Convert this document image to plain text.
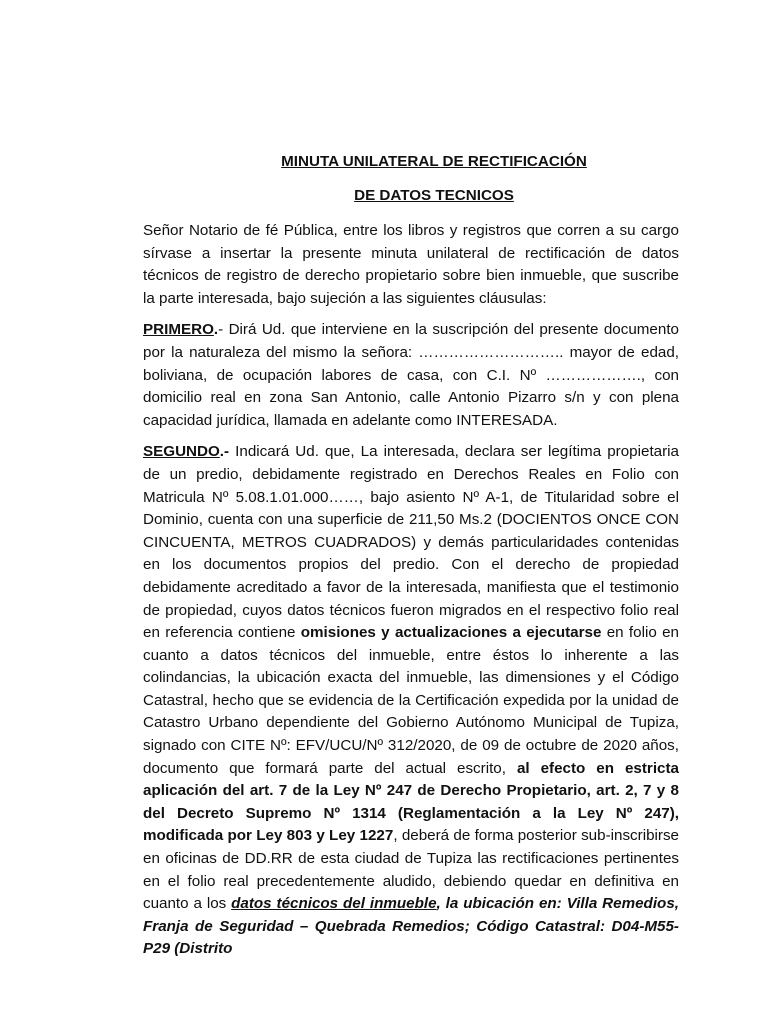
MINUTA UNILATERAL DE RECTIFICACIÓN
DE DATOS TECNICOS

Señor Notario de fé Pública, entre los libros y registros que corren a su cargo sírvase a insertar la presente minuta unilateral de rectificación de datos técnicos de registro de derecho propietario sobre bien inmueble, que suscribe la parte interesada, bajo sujeción a las siguientes cláusulas:

PRIMERO.- Dirá Ud. que interviene en la suscripción del presente documento por la naturaleza del mismo la señora: ……………………….. mayor de edad, boliviana, de ocupación labores de casa, con C.I. Nº ………………., con domicilio real en zona San Antonio, calle Antonio Pizarro s/n y con plena capacidad jurídica, llamada en adelante como INTERESADA.

SEGUNDO.- Indicará Ud. que, La interesada, declara ser legítima propietaria de un predio, debidamente registrado en Derechos Reales en Folio con Matricula Nº 5.08.1.01.000……, bajo asiento Nº A-1, de Titularidad sobre el Dominio, cuenta con una superficie de 211,50 Ms.2 (DOCIENTOS ONCE CON CINCUENTA, METROS CUADRADOS) y demás particularidades contenidas en los documentos propios del predio. Con el derecho de propiedad debidamente acreditado a favor de la interesada, manifiesta que el testimonio de propiedad, cuyos datos técnicos fueron migrados en el respectivo folio real en referencia contiene omisiones y actualizaciones a ejecutarse en folio en cuanto a datos técnicos del inmueble, entre éstos lo inherente a las colindancias, la ubicación exacta del inmueble, las dimensiones y el Código Catastral, hecho que se evidencia de la Certificación expedida por la unidad de Catastro Urbano dependiente del Gobierno Autónomo Municipal de Tupiza, signado con CITE Nº: EFV/UCU/Nº 312/2020, de 09 de octubre de 2020 años, documento que formará parte del actual escrito, al efecto en estricta aplicación del art. 7 de la Ley Nº 247 de Derecho Propietario, art. 2, 7 y 8 del Decreto Supremo Nº 1314 (Reglamentación a la Ley Nº 247), modificada por Ley 803 y Ley 1227, deberá de forma posterior sub-inscribirse en oficinas de DD.RR de esta ciudad de Tupiza las rectificaciones pertinentes en el folio real precedentemente aludido, debiendo quedar en definitiva en cuanto a los datos técnicos del inmueble, la ubicación en: Villa Remedios, Franja de Seguridad – Quebrada Remedios; Código Catastral: D04-M55-P29 (Distrito
